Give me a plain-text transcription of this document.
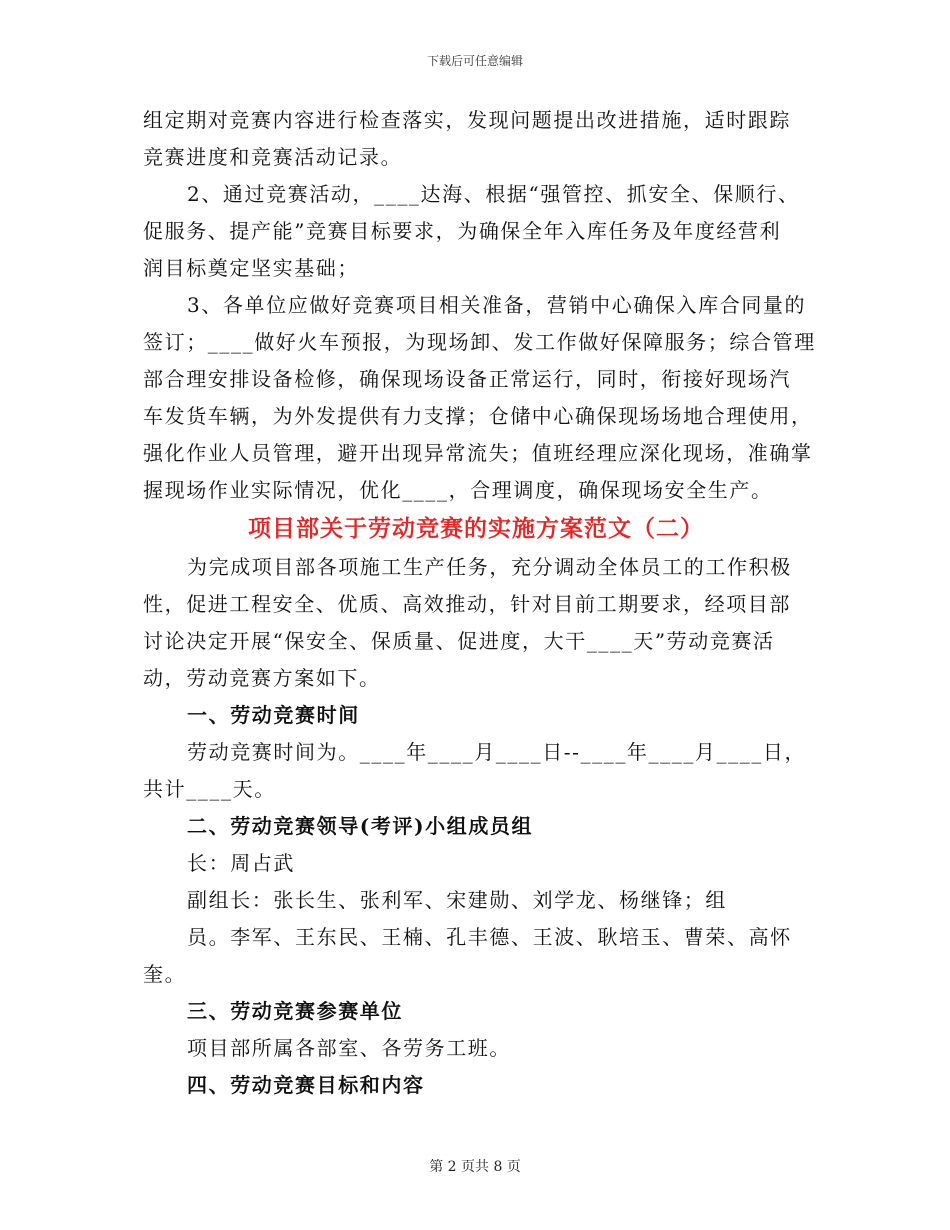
下载后可任意编辑
组定期对竞赛内容进行检查落实，发现问题提出改进措施，适时跟踪
竞赛进度和竞赛活动记录。
2、通过竞赛活动，____达海、根据“强管控、抓安全、保顺行、
促服务、提产能”竞赛目标要求，为确保全年入库任务及年度经营利
润目标奠定坚实基础；
3、各单位应做好竞赛项目相关准备，营销中心确保入库合同量的
签订；____做好火车预报，为现场卸、发工作做好保障服务；综合管理
部合理安排设备检修，确保现场设备正常运行，同时，衔接好现场汽
车发货车辆，为外发提供有力支撑；仓储中心确保现场场地合理使用，
强化作业人员管理，避开出现异常流失；值班经理应深化现场，准确掌
握现场作业实际情况，优化____，合理调度，确保现场安全生产。
项目部关于劳动竞赛的实施方案范文（二）
为完成项目部各项施工生产任务，充分调动全体员工的工作积极
性，促进工程安全、优质、高效推动，针对目前工期要求，经项目部
讨论决定开展“保安全、保质量、促进度，大干____天”劳动竞赛活
动，劳动竞赛方案如下。
一、劳动竞赛时间
劳动竞赛时间为。____年____月____日--____年____月____日，
共计____天。
二、劳动竞赛领导(考评)小组成员组
长：周占武
副组长：张长生、张利军、宋建勋、刘学龙、杨继锋；组
员。李军、王东民、王楠、孔丰德、王波、耿培玉、曹荣、高怀
奎。
三、劳动竞赛参赛单位
项目部所属各部室、各劳务工班。
四、劳动竞赛目标和内容
第 2 页共 8 页
